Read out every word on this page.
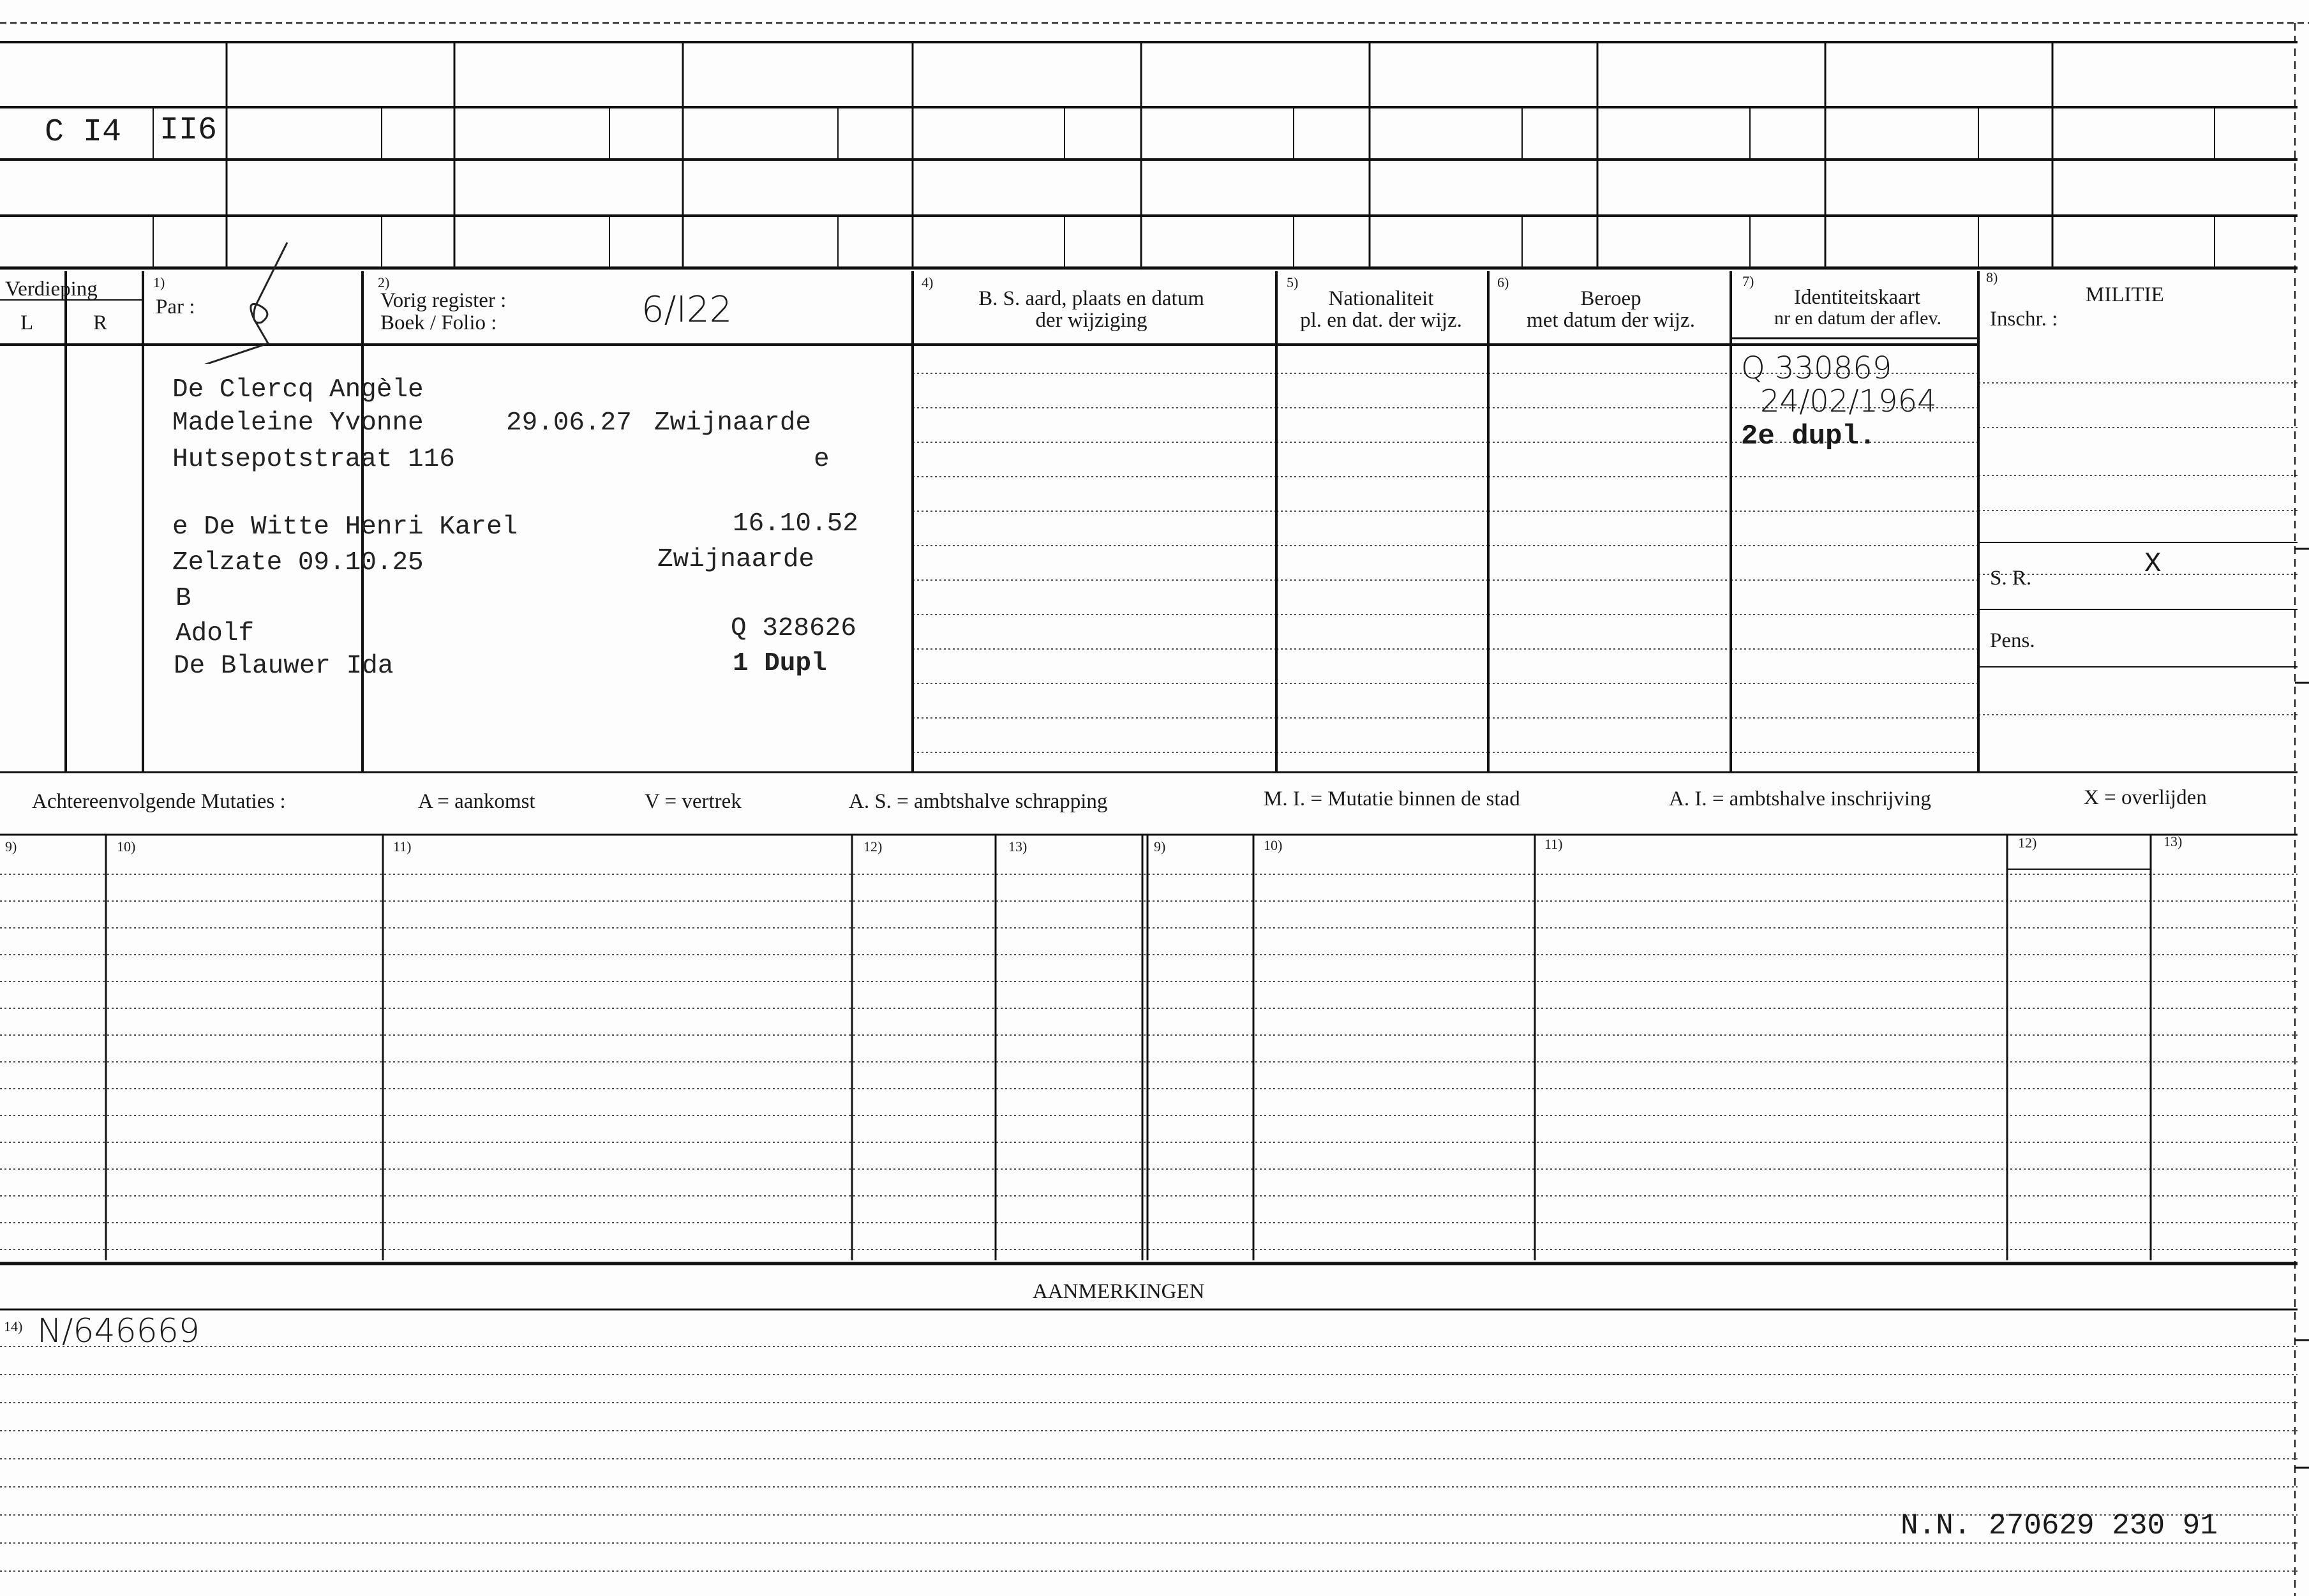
C I4 II6
Verdieping
L	R
1)
Par :
2)
Vorig register :
Boek / Folio :	6/I22
4)
B. S. aard, plaats en datum
der wijziging
5)
Nationaliteit
pl. en dat. der wijz.
6)
Beroep
met datum der wijz.
7)
Identiteitskaart
nr en datum der aflev.
8)
MILITIE
Inschr. :
S. R.	X
Pens.
De Clercq Angèle
Madeleine Yvonne	29.06.27 Zwijnaarde
Hutsepotstraat 116	e
e De Witte Henri Karel	16.10.52
Zelzate 09.10.25	Zwijnaarde
B
Adolf	Q 328626
De Blauwer Ida	1 Dupl
Q 330869
24/02/1964
2e dupl.
Achtereenvolgende Mutaties :	A = aankomst	V = vertrek	A. S. = ambtshalve schrapping	M. I. = Mutatie binnen de stad	A. I. = ambtshalve inschrijving	X = overlijden
9)	10)	11)	12)	13)	9)	10)	11)	12)	13)
AANMERKINGEN
14) N/646669
N.N. 270629 230 91
